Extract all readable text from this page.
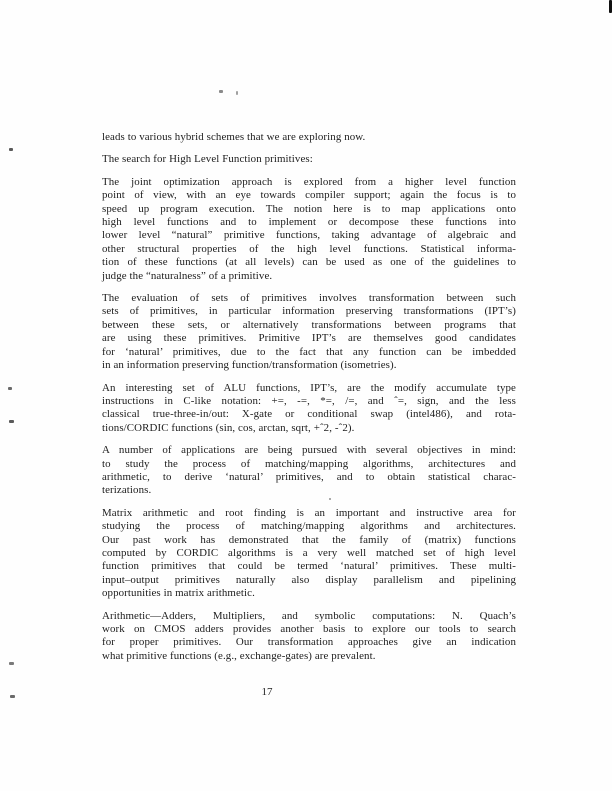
leads to various hybrid schemes that we are exploring now.
The search for High Level Function primitives:
The joint optimization approach is explored from a higher level function
point of view, with an eye towards compiler support; again the focus is to
speed up program execution. The notion here is to map applications onto
high level functions and to implement or decompose these functions into
lower level “natural” primitive functions, taking advantage of algebraic and
other structural properties of the high level functions. Statistical informa-
tion of these functions (at all levels) can be used as one of the guidelines to
judge the “naturalness” of a primitive.
The evaluation of sets of primitives involves transformation between such
sets of primitives, in particular information preserving transformations (IPT’s)
between these sets, or alternatively transformations between programs that
are using these primitives. Primitive IPT’s are themselves good candidates
for ‘natural’ primitives, due to the fact that any function can be imbedded
in an information preserving function/transformation (isometries).
An interesting set of ALU functions, IPT’s, are the modify accumulate type
instructions in C-like notation: +=, -=, *=, /=, and ˆ=, sign, and the less
classical true-three-in/out: X-gate or conditional swap (intel486), and rota-
tions/CORDIC functions (sin, cos, arctan, sqrt, +ˆ2, -ˆ2).
A number of applications are being pursued with several objectives in mind:
to study the process of matching/mapping algorithms, architectures and
arithmetic, to derive ‘natural’ primitives, and to obtain statistical charac-
terizations.
Matrix arithmetic and root finding is an important and instructive area for
studying the process of matching/mapping algorithms and architectures.
Our past work has demonstrated that the family of (matrix) functions
computed by CORDIC algorithms is a very well matched set of high level
function primitives that could be termed ‘natural’ primitives. These multi-
input–output primitives naturally also display parallelism and pipelining
opportunities in matrix arithmetic.
Arithmetic—Adders, Multipliers, and symbolic computations: N. Quach’s
work on CMOS adders provides another basis to explore our tools to search
for proper primitives. Our transformation approaches give an indication
what primitive functions (e.g., exchange-gates) are prevalent.
17
